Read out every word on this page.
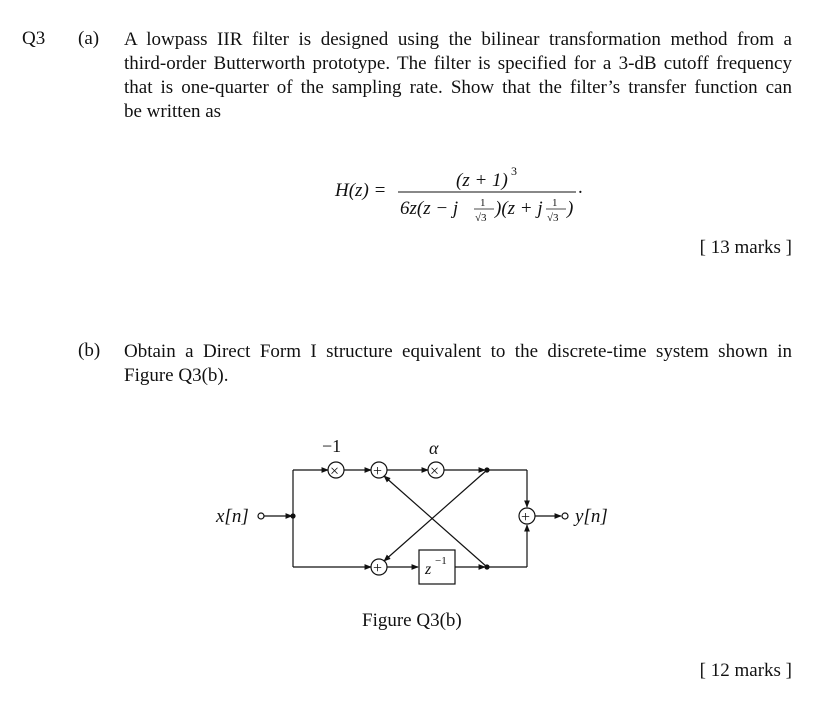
Q3 (a) A lowpass IIR filter is designed using the bilinear transformation method from a
third-order Butterworth prototype. The filter is specified for a 3-dB cutoff frequency
that is one-quarter of the sampling rate. Show that the filter’s transfer function can
be written as
H(z) =	(z + 1) 3
6z(z − j 1
√3 )(z + j 1
√3 )
.
[ 13 marks ]
(b) Obtain a Direct Form I structure equivalent to the discrete-time system shown in
Figure Q3(b).
x[n]
×
−1
+	×
α
+	z −1
+ y[n]
Figure Q3(b)
[ 12 marks ]
